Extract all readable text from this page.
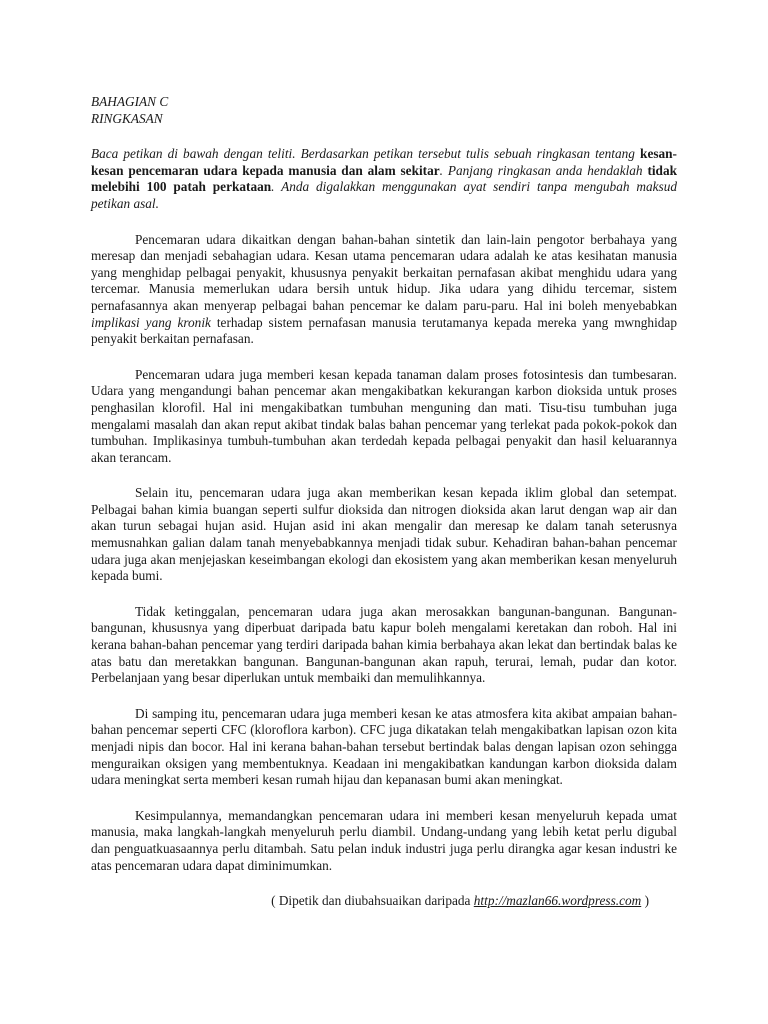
BAHAGIAN C
RINGKASAN

Baca petikan di bawah dengan teliti. Berdasarkan petikan tersebut tulis sebuah ringkasan tentang kesan-kesan pencemaran udara kepada manusia dan alam sekitar. Panjang ringkasan anda hendaklah tidak melebihi 100 patah perkataan. Anda digalakkan menggunakan ayat sendiri tanpa mengubah maksud petikan asal.

Pencemaran udara dikaitkan dengan bahan-bahan sintetik dan lain-lain pengotor berbahaya yang meresap dan menjadi sebahagian udara. Kesan utama pencemaran udara adalah ke atas kesihatan manusia yang menghidap pelbagai penyakit, khususnya penyakit berkaitan pernafasan akibat menghidu udara yang tercemar. Manusia memerlukan udara bersih untuk hidup. Jika udara yang dihidu tercemar, sistem pernafasannya akan menyerap pelbagai bahan pencemar ke dalam paru-paru. Hal ini boleh menyebabkan implikasi yang kronik terhadap sistem pernafasan manusia terutamanya kepada mereka yang mwnghidap penyakit berkaitan pernafasan.

Pencemaran udara juga memberi kesan kepada tanaman dalam proses fotosintesis dan tumbesaran. Udara yang mengandungi bahan pencemar akan mengakibatkan kekurangan karbon dioksida untuk proses penghasilan klorofil. Hal ini mengakibatkan tumbuhan menguning dan mati. Tisu-tisu tumbuhan juga mengalami masalah dan akan reput akibat tindak balas bahan pencemar yang terlekat pada pokok-pokok dan tumbuhan. Implikasinya tumbuh-tumbuhan akan terdedah kepada pelbagai penyakit dan hasil keluarannya akan terancam.

Selain itu, pencemaran udara juga akan memberikan kesan kepada iklim global dan setempat. Pelbagai bahan kimia buangan seperti sulfur dioksida dan nitrogen dioksida akan larut dengan wap air dan akan turun sebagai hujan asid. Hujan asid ini akan mengalir dan meresap ke dalam tanah seterusnya memusnahkan galian dalam tanah menyebabkannya menjadi tidak subur. Kehadiran bahan-bahan pencemar udara juga akan menjejaskan keseimbangan ekologi dan ekosistem yang akan memberikan kesan menyeluruh kepada bumi.

Tidak ketinggalan, pencemaran udara juga akan merosakkan bangunan-bangunan. Bangunan-bangunan, khususnya yang diperbuat daripada batu kapur boleh mengalami keretakan dan roboh. Hal ini kerana bahan-bahan pencemar yang terdiri daripada bahan kimia berbahaya akan lekat dan bertindak balas ke atas batu dan meretakkan bangunan. Bangunan-bangunan akan rapuh, terurai, lemah, pudar dan kotor. Perbelanjaan yang besar diperlukan untuk membaiki dan memulihkannya.

Di samping itu, pencemaran udara juga memberi kesan ke atas atmosfera kita akibat ampaian bahan-bahan pencemar seperti CFC (kloroflora karbon). CFC juga dikatakan telah mengakibatkan lapisan ozon kita menjadi nipis dan bocor. Hal ini kerana bahan-bahan tersebut bertindak balas dengan lapisan ozon sehingga menguraikan oksigen yang membentuknya. Keadaan ini mengakibatkan kandungan karbon dioksida dalam udara meningkat serta memberi kesan rumah hijau dan kepanasan bumi akan meningkat.

Kesimpulannya, memandangkan pencemaran udara ini memberi kesan menyeluruh kepada umat manusia, maka langkah-langkah menyeluruh perlu diambil. Undang-undang yang lebih ketat perlu digubal dan penguatkuasaannya perlu ditambah. Satu pelan induk industri juga perlu dirangka agar kesan industri ke atas pencemaran udara dapat diminimumkan.

( Dipetik dan diubahsuaikan daripada http://mazlan66.wordpress.com )
